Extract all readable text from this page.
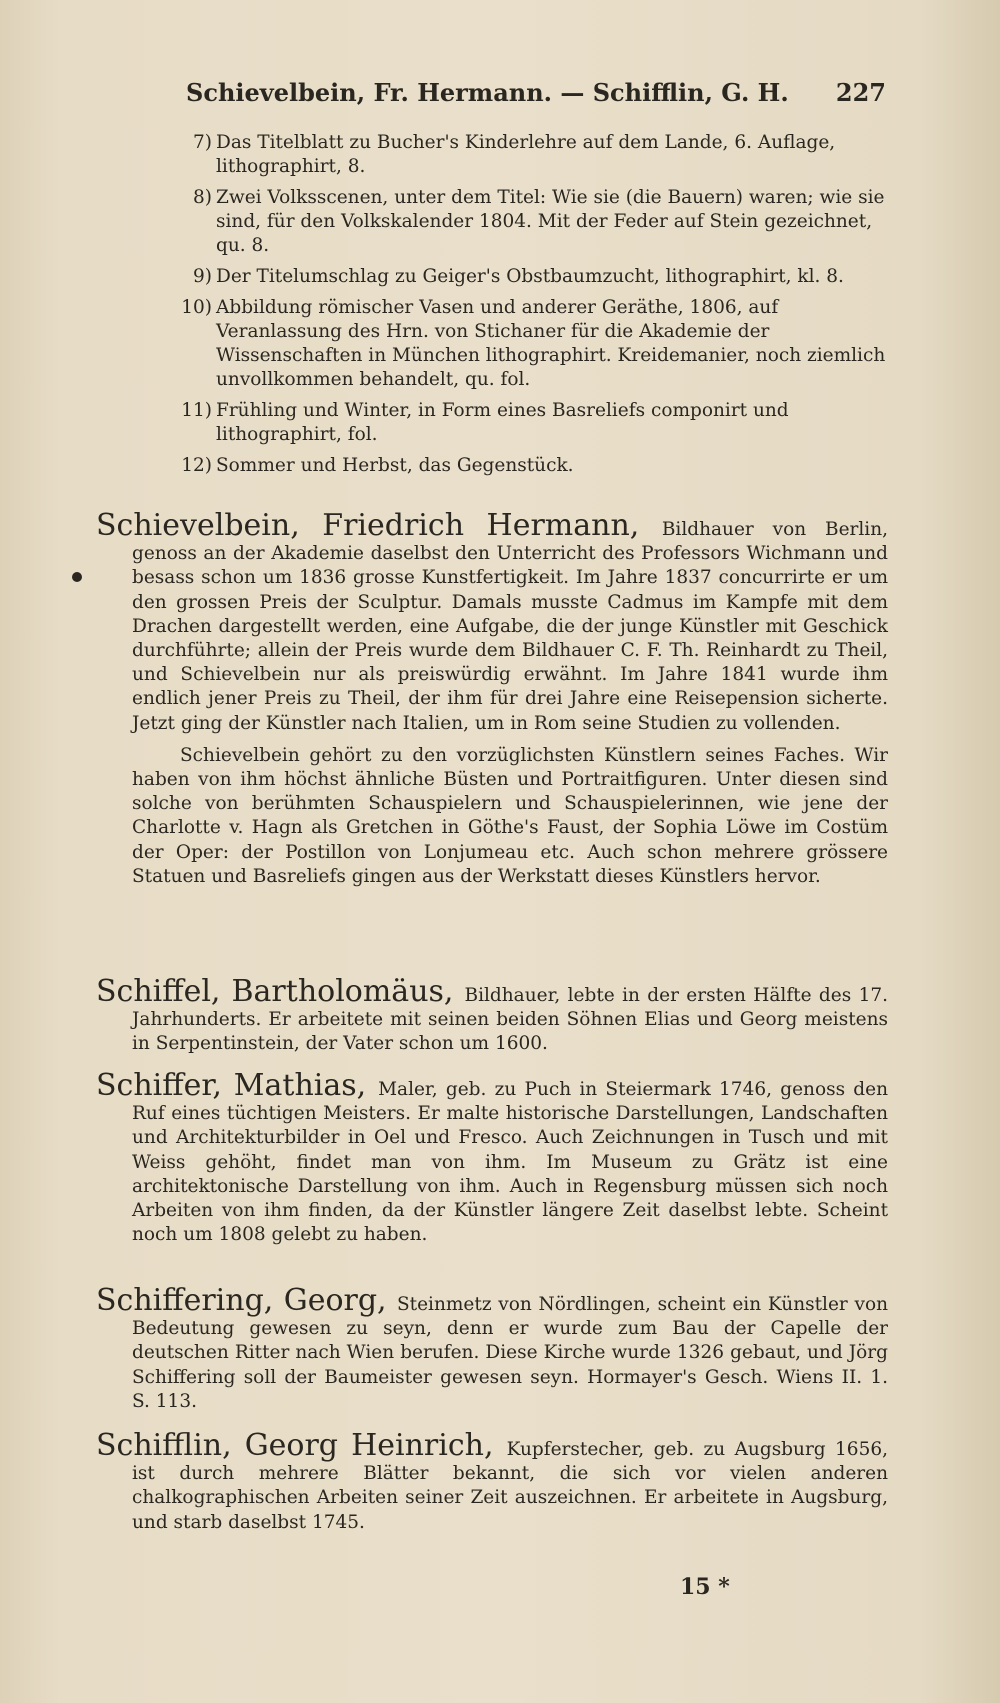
Schievelbein, Fr. Hermann. — Schifflin, G. H. 227
7) Das Titelblatt zu Bucher's Kinderlehre auf dem Lande, 6. Auflage, lithographirt, 8.
8) Zwei Volksscenen, unter dem Titel: Wie sie (die Bauern) waren; wie sie sind, für den Volkskalender 1804. Mit der Feder auf Stein gezeichnet, qu. 8.
9) Der Titelumschlag zu Geiger's Obstbaumzucht, lithographirt, kl. 8.
10) Abbildung römischer Vasen und anderer Geräthe, 1806, auf Veranlassung des Hrn. von Stichaner für die Akademie der Wissenschaften in München lithographirt. Kreidemanier, noch ziemlich unvollkommen behandelt, qu. fol.
11) Frühling und Winter, in Form eines Basreliefs componirt und lithographirt, fol.
12) Sommer und Herbst, das Gegenstück.
Schievelbein, Friedrich Hermann, Bildhauer von Berlin, genoss an der Akademie daselbst den Unterricht des Professors Wichmann und besass schon um 1836 grosse Kunstfertigkeit. Im Jahre 1837 concurrirte er um den grossen Preis der Sculptur. Damals musste Cadmus im Kampfe mit dem Drachen dargestellt werden, eine Aufgabe, die der junge Künstler mit Geschick durchführte; allein der Preis wurde dem Bildhauer C. F. Th. Reinhardt zu Theil, und Schievelbein nur als preiswürdig erwähnt. Im Jahre 1841 wurde ihm endlich jener Preis zu Theil, der ihm für drei Jahre eine Reisepension sicherte. Jetzt ging der Künstler nach Italien, um in Rom seine Studien zu vollenden.
Schievelbein gehört zu den vorzüglichsten Künstlern seines Faches. Wir haben von ihm höchst ähnliche Büsten und Portraitfiguren. Unter diesen sind solche von berühmten Schauspielern und Schauspielerinnen, wie jene der Charlotte v. Hagn als Gretchen in Göthe's Faust, der Sophia Löwe im Costüm der Oper: der Postillon von Lonjumeau etc. Auch schon mehrere grössere Statuen und Basreliefs gingen aus der Werkstatt dieses Künstlers hervor.
Schiffel, Bartholomäus, Bildhauer, lebte in der ersten Hälfte des 17. Jahrhunderts. Er arbeitete mit seinen beiden Söhnen Elias und Georg meistens in Serpentinstein, der Vater schon um 1600.
Schiffer, Mathias, Maler, geb. zu Puch in Steiermark 1746, genoss den Ruf eines tüchtigen Meisters. Er malte historische Darstellungen, Landschaften und Architekturbilder in Oel und Fresco. Auch Zeichnungen in Tusch und mit Weiss gehöht, findet man von ihm. Im Museum zu Grätz ist eine architektonische Darstellung von ihm. Auch in Regensburg müssen sich noch Arbeiten von ihm finden, da der Künstler längere Zeit daselbst lebte. Scheint noch um 1808 gelebt zu haben.
Schiffering, Georg, Steinmetz von Nördlingen, scheint ein Künstler von Bedeutung gewesen zu seyn, denn er wurde zum Bau der Capelle der deutschen Ritter nach Wien berufen. Diese Kirche wurde 1326 gebaut, und Jörg Schiffering soll der Baumeister gewesen seyn. Hormayer's Gesch. Wiens II. 1. S. 113.
Schifflin, Georg Heinrich, Kupferstecher, geb. zu Augsburg 1656, ist durch mehrere Blätter bekannt, die sich vor vielen anderen chalkographischen Arbeiten seiner Zeit auszeichnen. Er arbeitete in Augsburg, und starb daselbst 1745.
15 *
